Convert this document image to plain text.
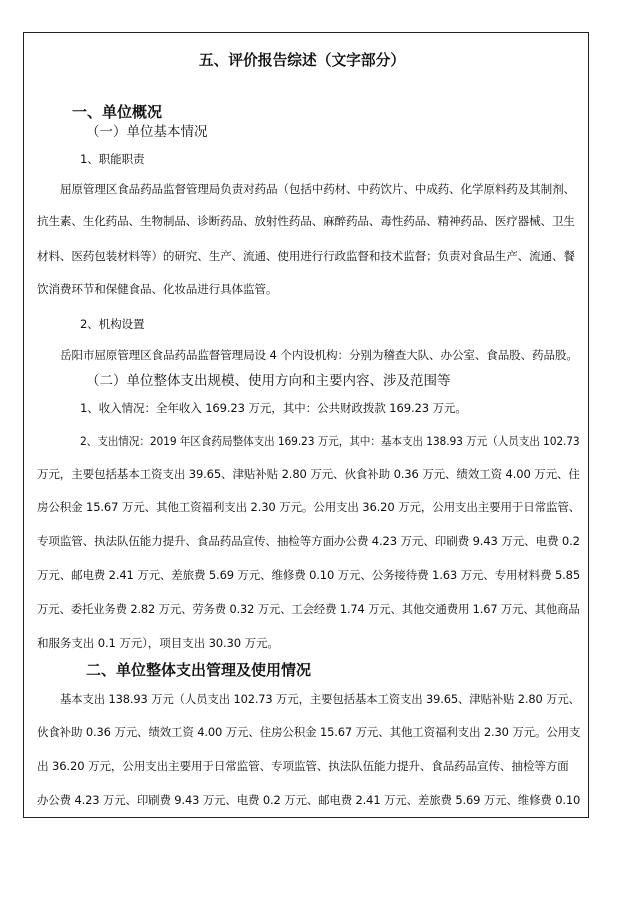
五、评价报告综述（文字部分）
一、单位概况
（一）单位基本情况
1、职能职责
屈原管理区食品药品监督管理局负责对药品（包括中药材、中药饮片、中成药、化学原料药及其制剂、
抗生素、生化药品、生物制品、诊断药品、放射性药品、麻醉药品、毒性药品、精神药品、医疗器械、卫生
材料、医药包装材料等）的研究、生产、流通、使用进行行政监督和技术监督；负责对食品生产、流通、餐
饮消费环节和保健食品、化妆品进行具体监管。
2、机构设置
岳阳市屈原管理区食品药品监督管理局设 4 个内设机构：分别为稽查大队、办公室、食品股、药品股。
（二）单位整体支出规模、使用方向和主要内容、涉及范围等
1、收入情况：全年收入 169.23 万元，其中：公共财政拨款 169.23 万元。
2、支出情况：2019 年区食药局整体支出 169.23 万元，其中：基本支出 138.93 万元（人员支出 102.73
万元，主要包括基本工资支出 39.65、津贴补贴 2.80 万元、伙食补助 0.36 万元、绩效工资 4.00 万元、住
房公积金 15.67 万元、其他工资福利支出 2.30 万元。公用支出 36.20 万元，公用支出主要用于日常监管、
专项监管、执法队伍能力提升、食品药品宣传、抽检等方面办公费 4.23 万元、印刷费 9.43 万元、电费 0.2
万元、邮电费 2.41 万元、差旅费 5.69 万元、维修费 0.10 万元、公务接待费 1.63 万元、专用材料费 5.85
万元、委托业务费 2.82 万元、劳务费 0.32 万元、工会经费 1.74 万元、其他交通费用 1.67 万元、其他商品
和服务支出 0.1 万元），项目支出 30.30 万元。
二、单位整体支出管理及使用情况
基本支出 138.93 万元（人员支出 102.73 万元，主要包括基本工资支出 39.65、津贴补贴 2.80 万元、
伙食补助 0.36 万元、绩效工资 4.00 万元、住房公积金 15.67 万元、其他工资福利支出 2.30 万元。公用支
出 36.20 万元，公用支出主要用于日常监管、专项监管、执法队伍能力提升、食品药品宣传、抽检等方面
办公费 4.23 万元、印刷费 9.43 万元、电费 0.2 万元、邮电费 2.41 万元、差旅费 5.69 万元、维修费 0.10
